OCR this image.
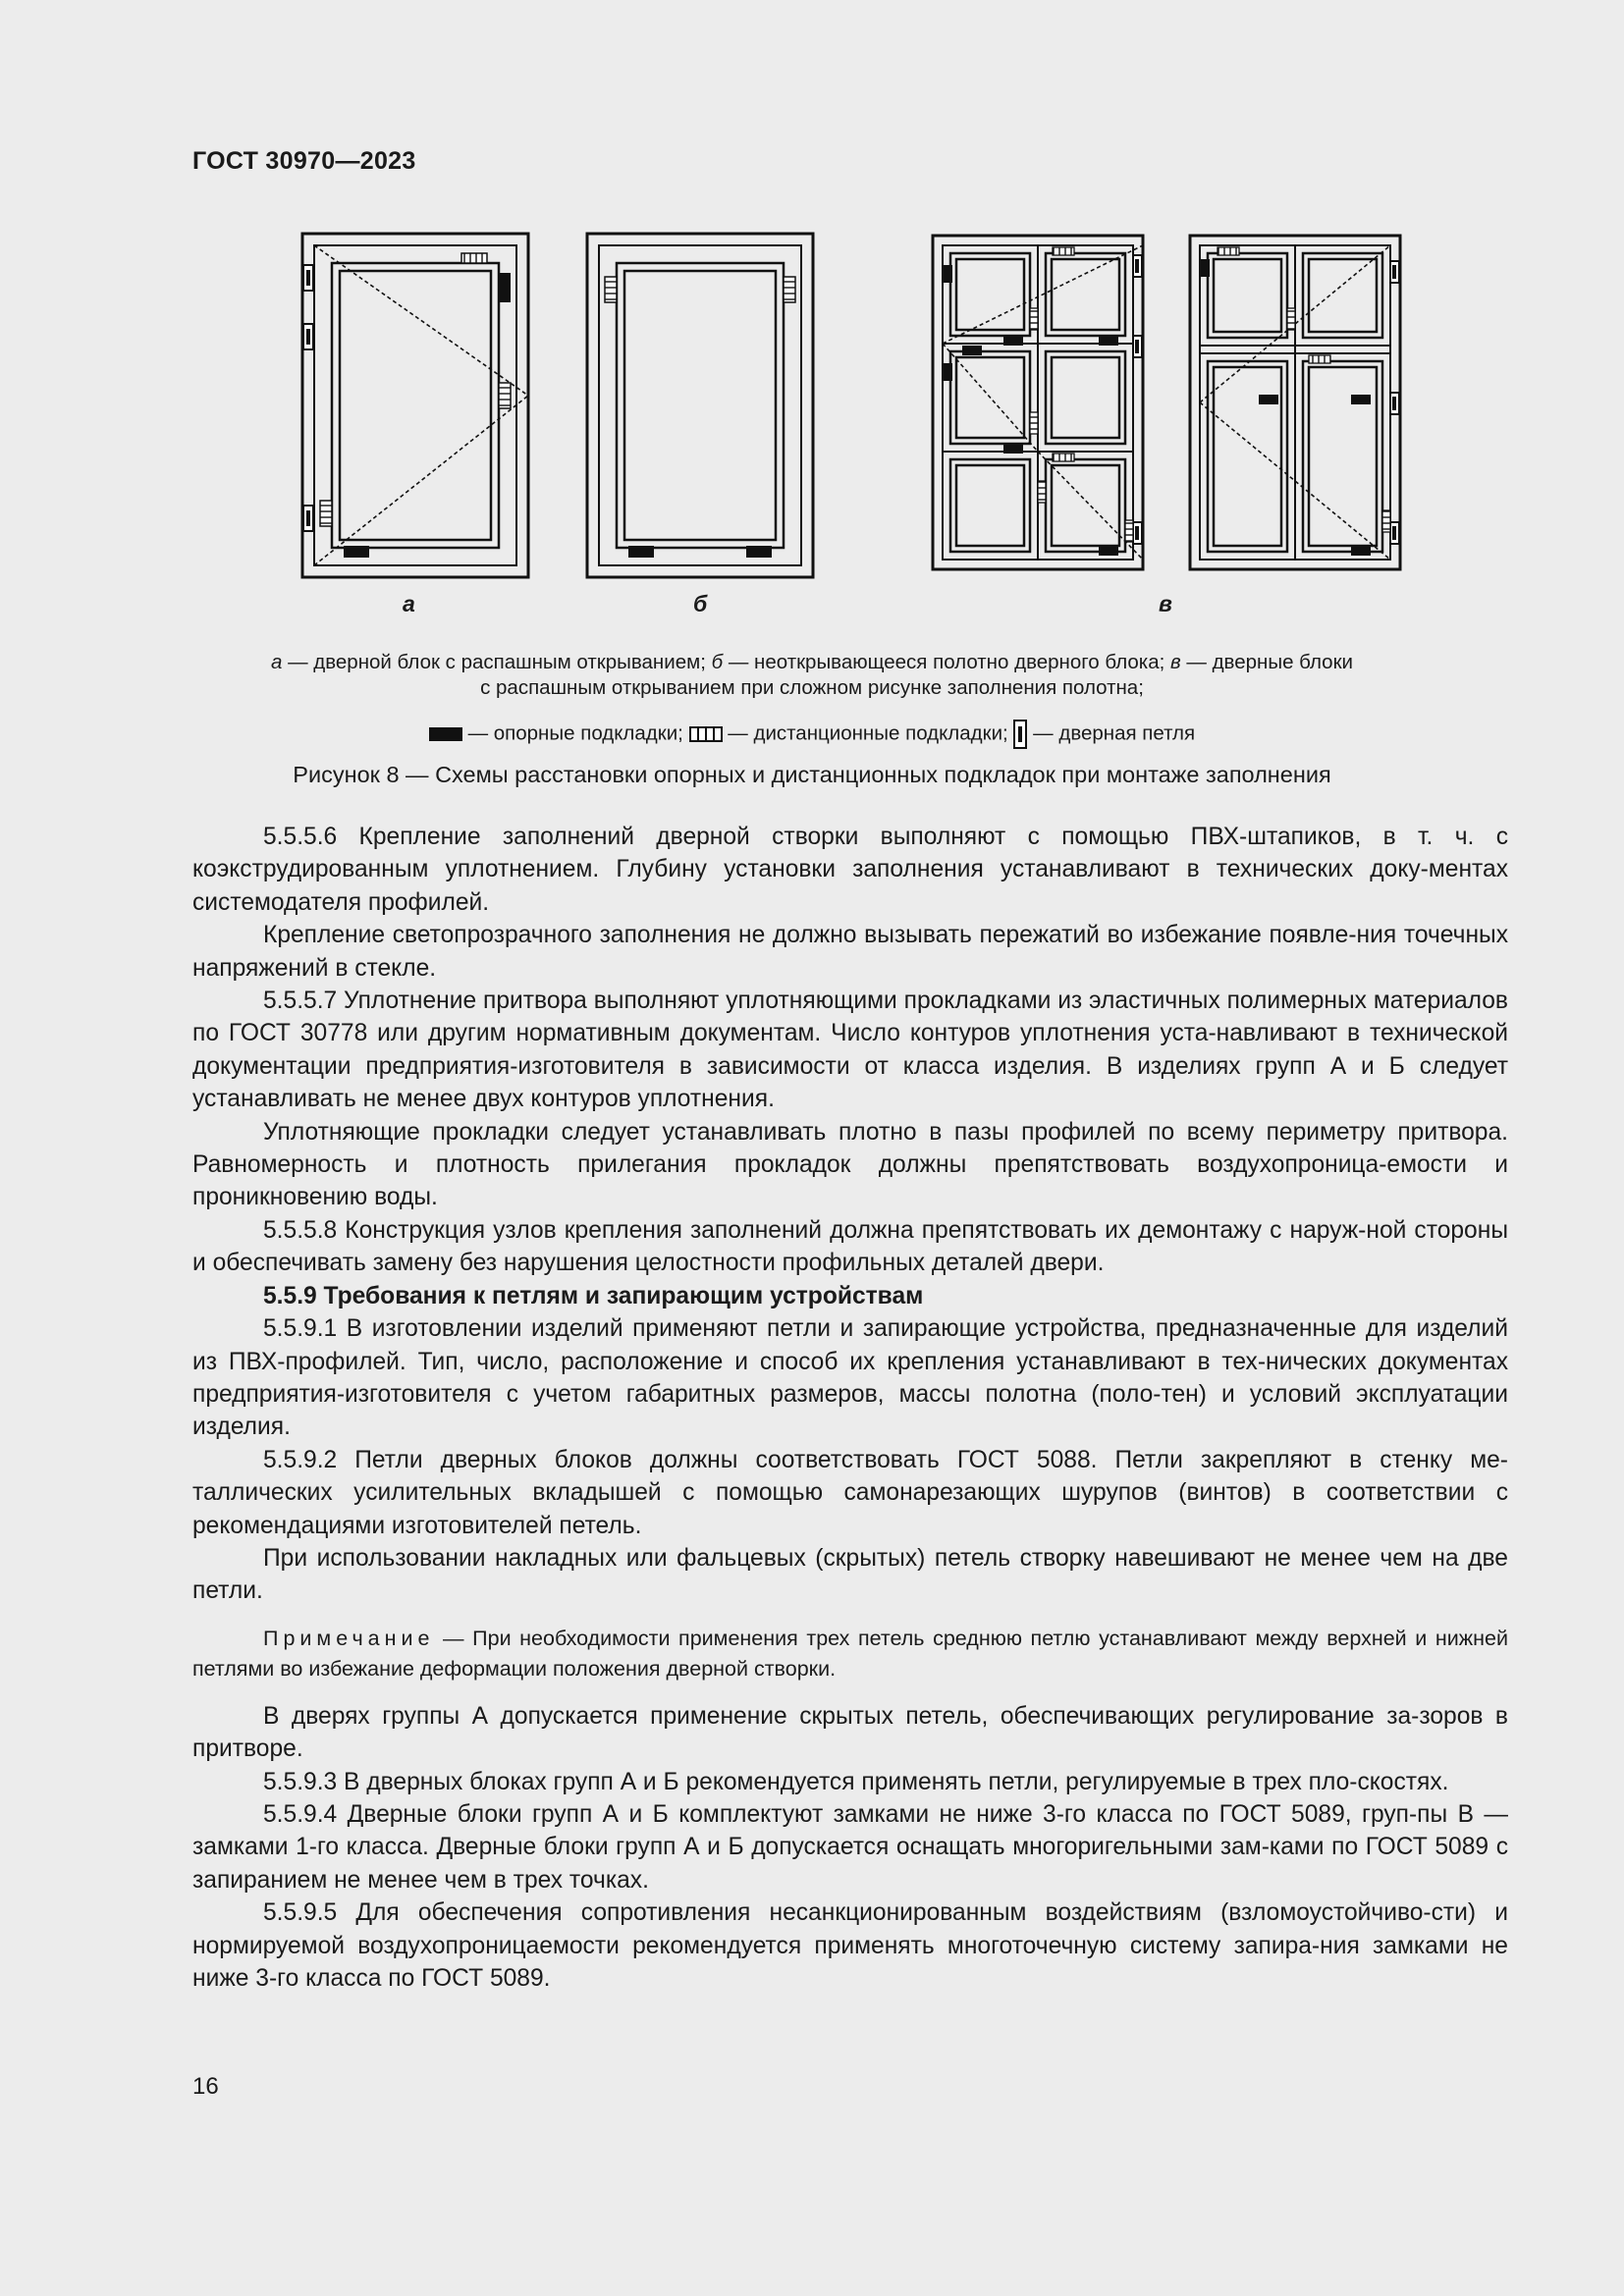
ГОСТ 30970—2023
а	б	в
а — дверной блок с распашным открыванием; б — неоткрывающееся полотно дверного блока; в — дверные блоки
с распашным открыванием при сложном рисунке заполнения полотна;
— опорные подкладки; — дистанционные подкладки; — дверная петля
Рисунок 8 — Схемы расстановки опорных и дистанционных подкладок при монтаже заполнения

5.5.5.6 Крепление заполнений дверной створки выполняют с помощью ПВХ-штапиков, в т. ч. с коэкструдированным уплотнением. Глубину установки заполнения устанавливают в технических доку-ментах системодателя профилей.

Крепление светопрозрачного заполнения не должно вызывать пережатий во избежание появле-ния точечных напряжений в стекле.

5.5.5.7 Уплотнение притвора выполняют уплотняющими прокладками из эластичных полимерных материалов по ГОСТ 30778 или другим нормативным документам. Число контуров уплотнения уста-навливают в технической документации предприятия-изготовителя в зависимости от класса изделия. В изделиях групп А и Б следует устанавливать не менее двух контуров уплотнения.

Уплотняющие прокладки следует устанавливать плотно в пазы профилей по всему периметру притвора. Равномерность и плотность прилегания прокладок должны препятствовать воздухопроница-емости и проникновению воды.

5.5.5.8 Конструкция узлов крепления заполнений должна препятствовать их демонтажу с наруж-ной стороны и обеспечивать замену без нарушения целостности профильных деталей двери.

5.5.9 Требования к петлям и запирающим устройствам

5.5.9.1 В изготовлении изделий применяют петли и запирающие устройства, предназначенные для изделий из ПВХ-профилей. Тип, число, расположение и способ их крепления устанавливают в тех-нических документах предприятия-изготовителя с учетом габаритных размеров, массы полотна (поло-тен) и условий эксплуатации изделия.

5.5.9.2 Петли дверных блоков должны соответствовать ГОСТ 5088. Петли закрепляют в стенку ме-таллических усилительных вкладышей с помощью самонарезающих шурупов (винтов) в соответствии с рекомендациями изготовителей петель.

При использовании накладных или фальцевых (скрытых) петель створку навешивают не менее чем на две петли.

Примечание — При необходимости применения трех петель среднюю петлю устанавливают между верхней и нижней петлями во избежание деформации положения дверной створки.

В дверях группы А допускается применение скрытых петель, обеспечивающих регулирование за-зоров в притворе.

5.5.9.3 В дверных блоках групп А и Б рекомендуется применять петли, регулируемые в трех пло-скостях.

5.5.9.4 Дверные блоки групп А и Б комплектуют замками не ниже 3-го класса по ГОСТ 5089, груп-пы В — замками 1-го класса. Дверные блоки групп А и Б допускается оснащать многоригельными зам-ками по ГОСТ 5089 с запиранием не менее чем в трех точках.

5.5.9.5 Для обеспечения сопротивления несанкционированным воздействиям (взломоустойчиво-сти) и нормируемой воздухопроницаемости рекомендуется применять многоточечную систему запира-ния замками не ниже 3-го класса по ГОСТ 5089.

16
